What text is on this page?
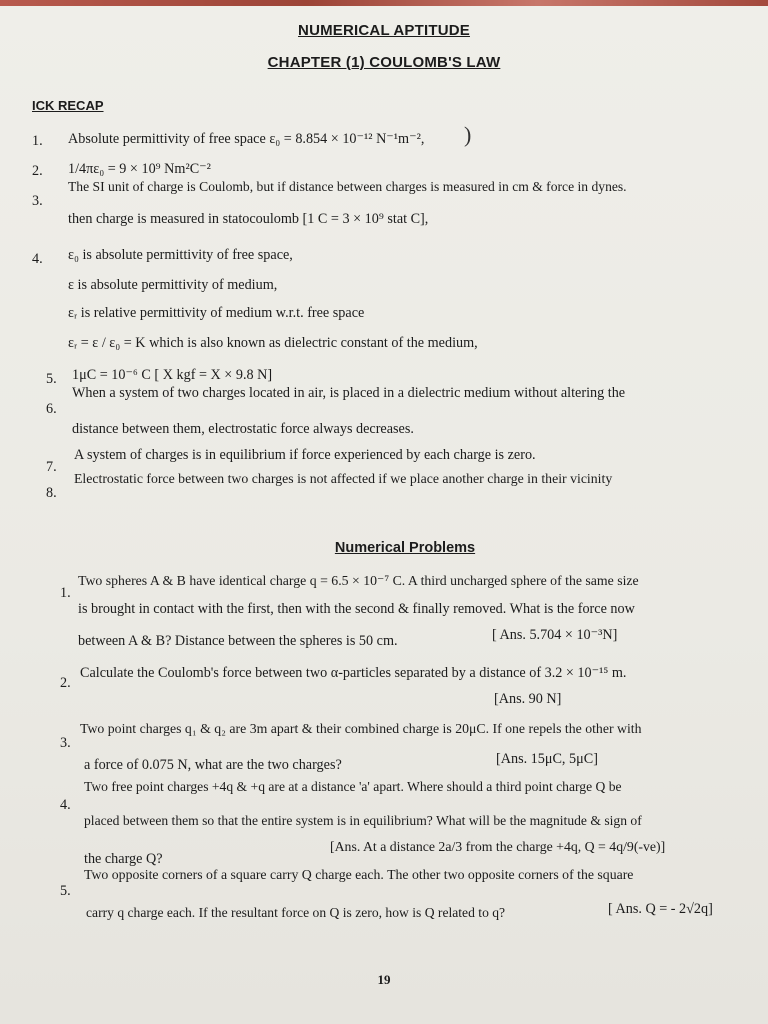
NUMERICAL APTITUDE
CHAPTER (1) COULOMB'S LAW
ICK RECAP
1. Absolute permittivity of free space ε₀ = 8.854 × 10⁻¹² N⁻¹m⁻², )
2. 1/4πε₀ = 9 × 10⁹ Nm²C⁻²
3.
The SI unit of charge is Coulomb, but if distance between charges is measured in cm & force in dynes.
then charge is measured in statocoulomb [1 C = 3 × 10⁹ stat C],
4. ε₀ is absolute permittivity of free space,
ε is absolute permittivity of medium,
εᵣ is relative permittivity of medium w.r.t. free space
εᵣ = ε / ε₀ = K which is also known as dielectric constant of the medium,
5. 1μC = 10⁻⁶ C [ X kgf = X × 9.8 N]
6.
When a system of two charges located in air, is placed in a dielectric medium without altering the
distance between them, electrostatic force always decreases.
7.
A system of charges is in equilibrium if force experienced by each charge is zero.
8.
Electrostatic force between two charges is not affected if we place another charge in their vicinity
Numerical Problems
1.
Two spheres A & B have identical charge q = 6.5 × 10⁻⁷ C. A third uncharged sphere of the same size
is brought in contact with the first, then with the second & finally removed. What is the force now
between A & B? Distance between the spheres is 50 cm.	[ Ans. 5.704 × 10⁻³N]
2.
Calculate the Coulomb's force between two α-particles separated by a distance of 3.2 × 10⁻¹⁵ m.
[Ans. 90 N]
3.
Two point charges q₁ & q₂ are 3m apart & their combined charge is 20μC. If one repels the other with
a force of 0.075 N, what are the two charges?	[Ans. 15μC, 5μC]
4.
Two free point charges +4q & +q are at a distance 'a' apart. Where should a third point charge Q be
placed between them so that the entire system is in equilibrium? What will be the magnitude & sign of
the charge Q?
[Ans. At a distance 2a/3 from the charge +4q, Q = 4q/9(-ve)]
5.
Two opposite corners of a square carry Q charge each. The other two opposite corners of the square
carry q charge each. If the resultant force on Q is zero, how is Q related to q?	[ Ans. Q = - 2√2q]
19
